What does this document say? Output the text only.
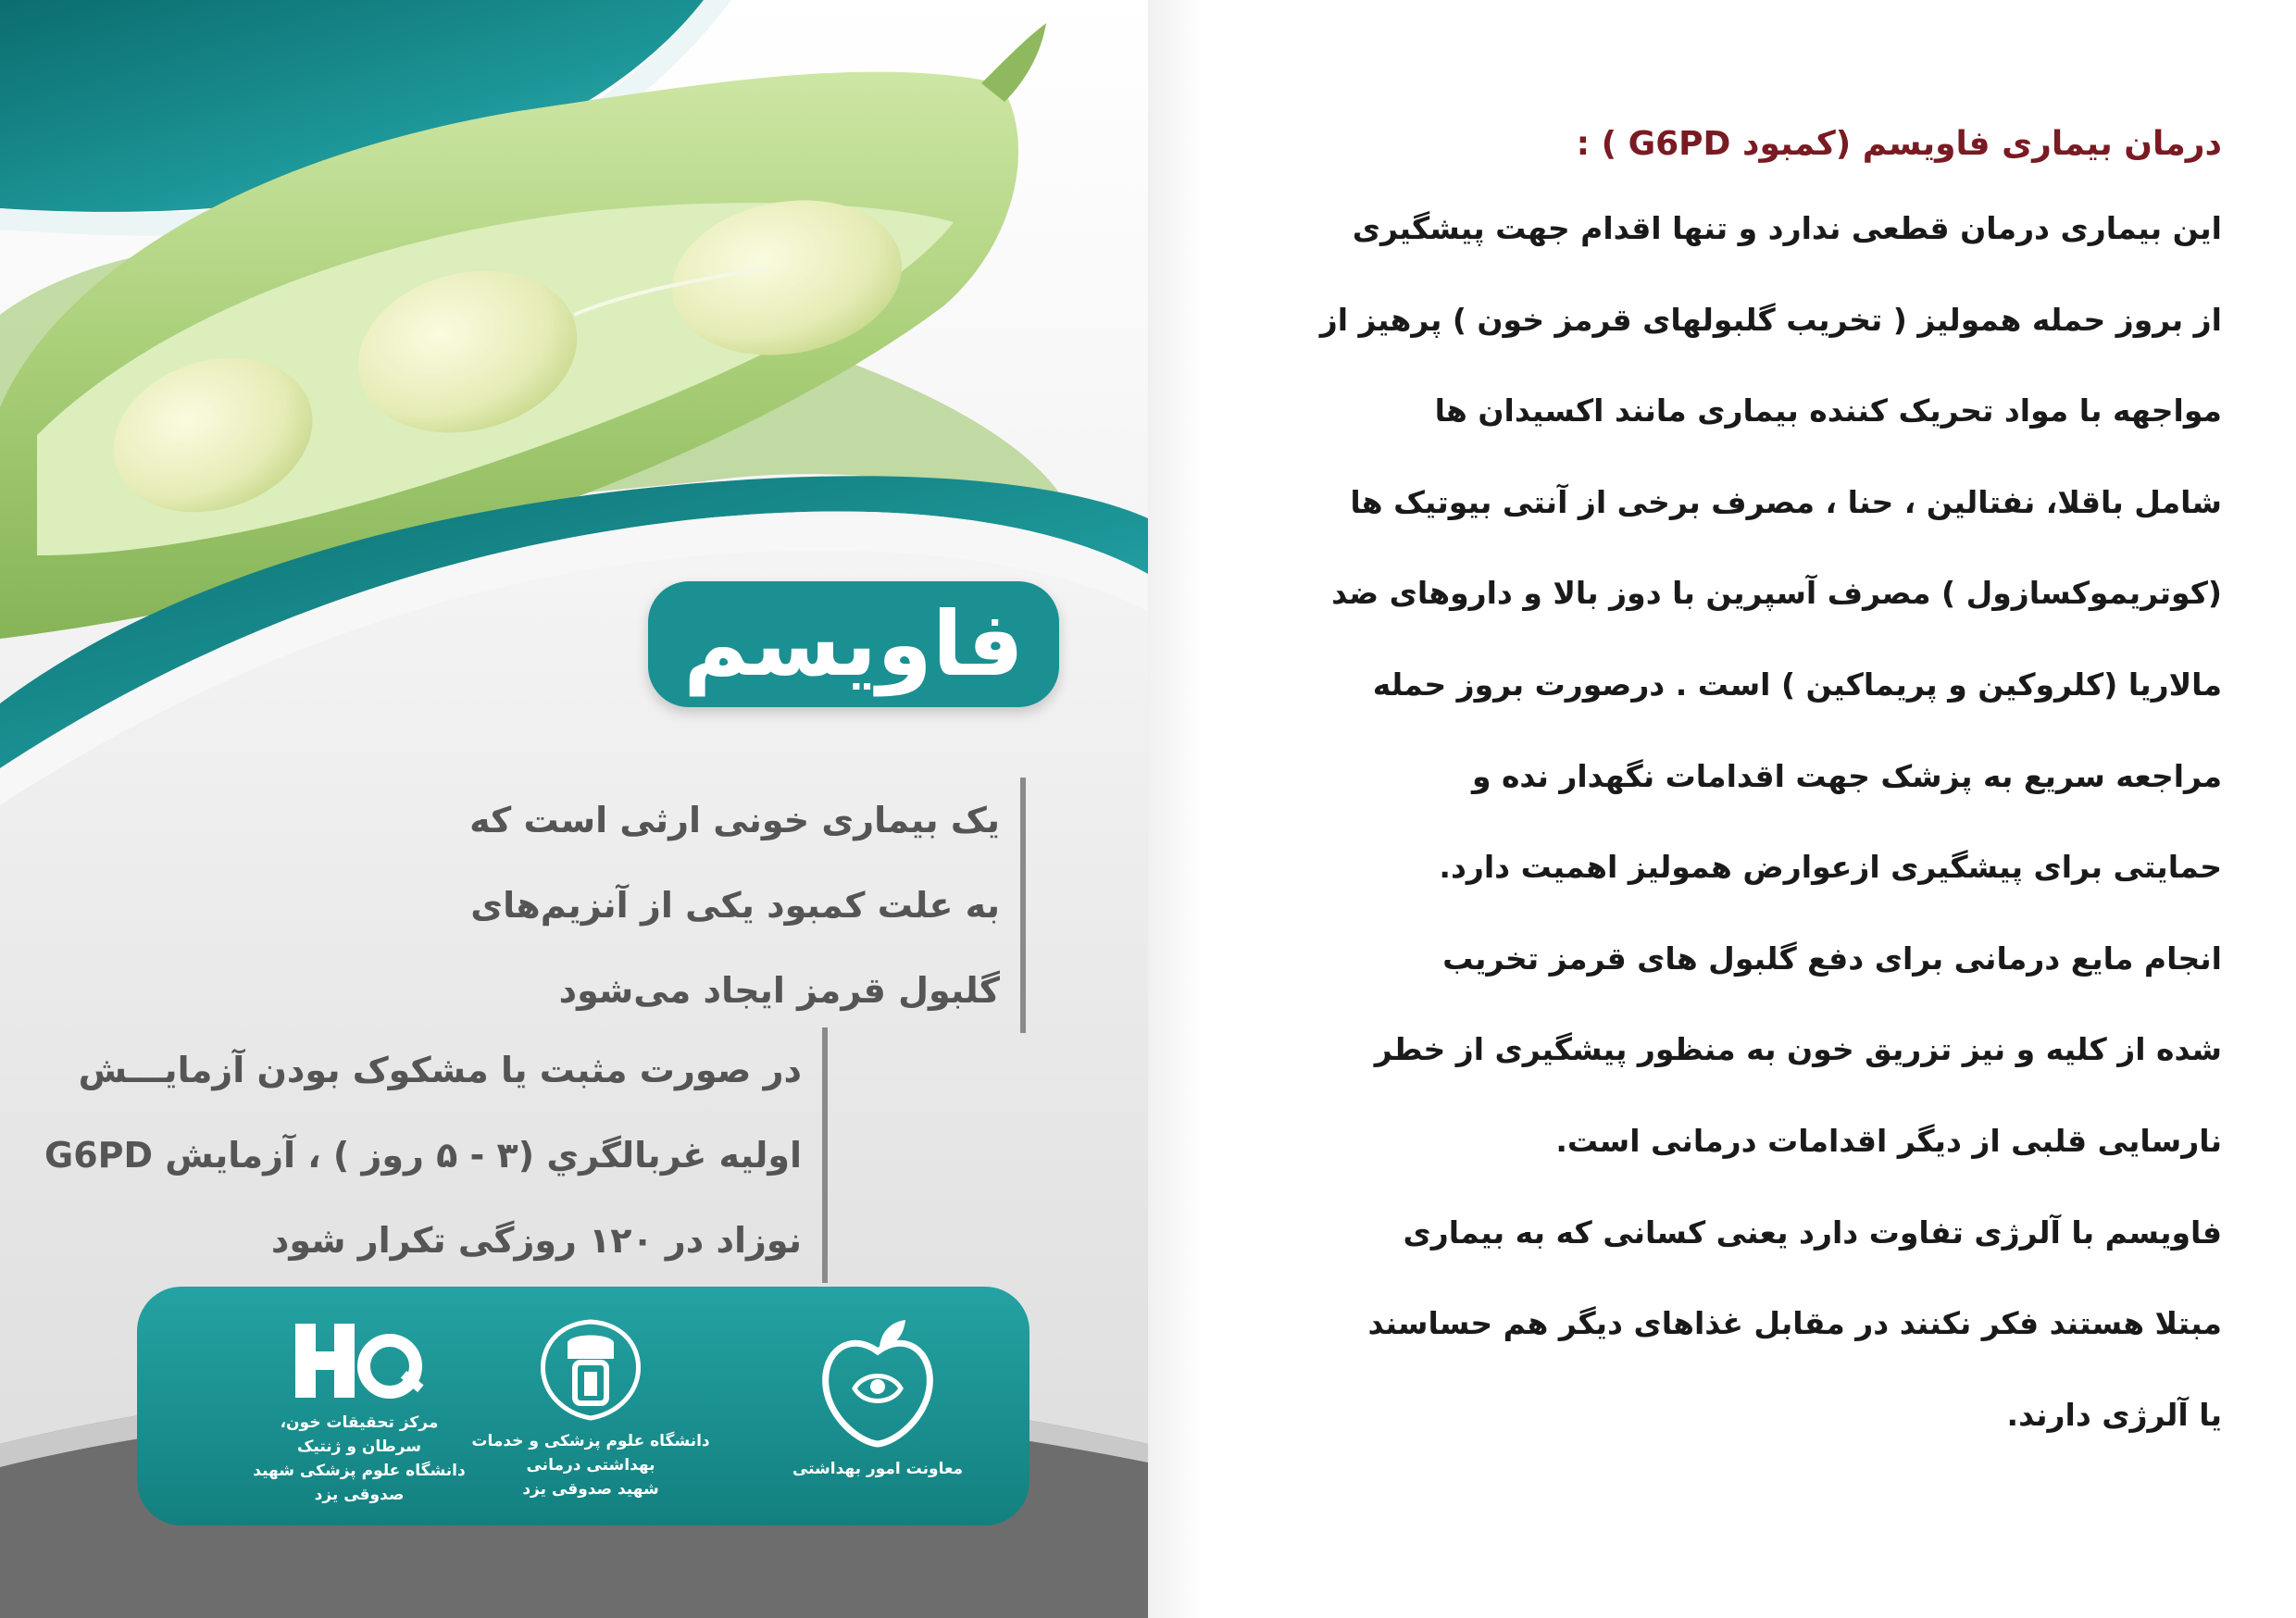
فاویسم

یک بیماری خونی ارثی است که

به علت کمبود یکی از آنزیم‌های

گلبول قرمز ایجاد می‌شود

در صورت مثبت یا مشکوک بودن آزمایـــش

اولیه غربالگري (۳ - ۵ روز ) ، آزمایش G6PD

نوزاد در ۱۲۰ روزگی تکرار شود

مرکز تحقیقات خون، سرطان و ژنتیک
دانشگاه علوم پزشکی شهید صدوقی یزد
دانشگاه علوم پزشکی و خدمات بهداشتی درمانی
شهید صدوقی یزد
معاونت امور بهداشتی
درمان بیماری فاویسم (کمبود G6PD ) :

این بیماری درمان قطعی ندارد و تنها اقدام جهت پیشگیری

از بروز حمله همولیز ( تخریب گلبولهای قرمز خون ) پرهیز از

مواجهه با مواد تحریک کننده بیماری مانند اکسیدان ها

شامل باقلا، نفتالین ، حنا ، مصرف برخی از آنتی بیوتیک ها

(کوتریموکسازول ) مصرف آسپرین با دوز بالا و داروهای ضد

مالاریا (کلروکین و پریماکین ) است . درصورت بروز حمله

مراجعه سریع به پزشک جهت اقدامات نگهدار نده و

حمایتی برای پیشگیری ازعوارض همولیز اهمیت دارد.

انجام مایع درمانی برای دفع گلبول های قرمز تخریب

شده از کلیه و نیز تزریق خون به منظور پیشگیری از خطر

نارسایی قلبی از دیگر اقدامات درمانی است.

فاویسم با آلرژی تفاوت دارد یعنی کسانی که به بیماری

مبتلا هستند فکر نکنند در مقابل غذاهای دیگر هم حساسند

یا آلرژی دارند.
